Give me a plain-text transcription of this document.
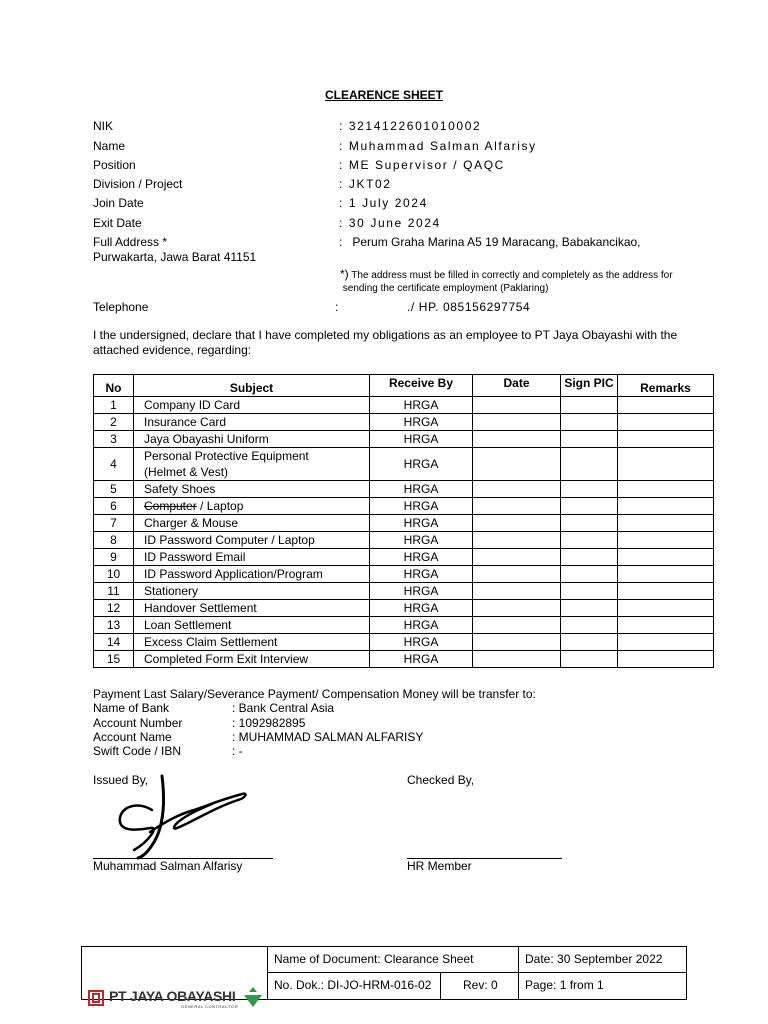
CLEARENCE SHEET
NIK	: 3214122601010002
Name	: Muhammad Salman Alfarisy
Position	: ME Supervisor / QAQC
Division / Project	: JKT02
Join Date	: 1 July 2024
Exit Date	: 30 June 2024
Full Address *	:   Perum Graha Marina A5 19 Maracang, Babakancikao,
Purwakarta, Jawa Barat 41151
*) The address must be filled in correctly and completely as the address for
sending the certificate employment (Paklaring)
Telephone	:	./ HP. 085156297754
I the undersigned, declare that I have completed my obligations as an employee to PT Jaya Obayashi with the attached evidence, regarding:
No	Subject	Receive By	Date	Sign PIC	Remarks
1	Company ID Card	HRGA			
2	Insurance Card	HRGA			
3	Jaya Obayashi Uniform	HRGA			
4	Personal Protective Equipment
(Helmet & Vest)	HRGA			
5	Safety Shoes	HRGA			
6	Computer / Laptop	HRGA			
7	Charger & Mouse	HRGA			
8	ID Password Computer / Laptop	HRGA			
9	ID Password Email	HRGA			
10	ID Password Application/Program	HRGA			
11	Stationery	HRGA			
12	Handover Settlement	HRGA			
13	Loan Settlement	HRGA			
14	Excess Claim Settlement	HRGA			
15	Completed Form Exit Interview	HRGA			
Payment Last Salary/Severance Payment/ Compensation Money will be transfer to:
Name of Bank	: Bank Central Asia
Account Number	: 1092982895
Account Name	: MUHAMMAD SALMAN ALFARISY
Swift Code / IBN	: -
Issued By,	Checked By,
Muhammad Salman Alfarisy	HR Member
Name of Document: Clearance Sheet	Date: 30 September 2022
No. Dok.: DI-JO-HRM-016-02	Rev: 0 Page: 1 from 1
PT JAYA OBAYASHI
GENERAL CONTRACTOR
